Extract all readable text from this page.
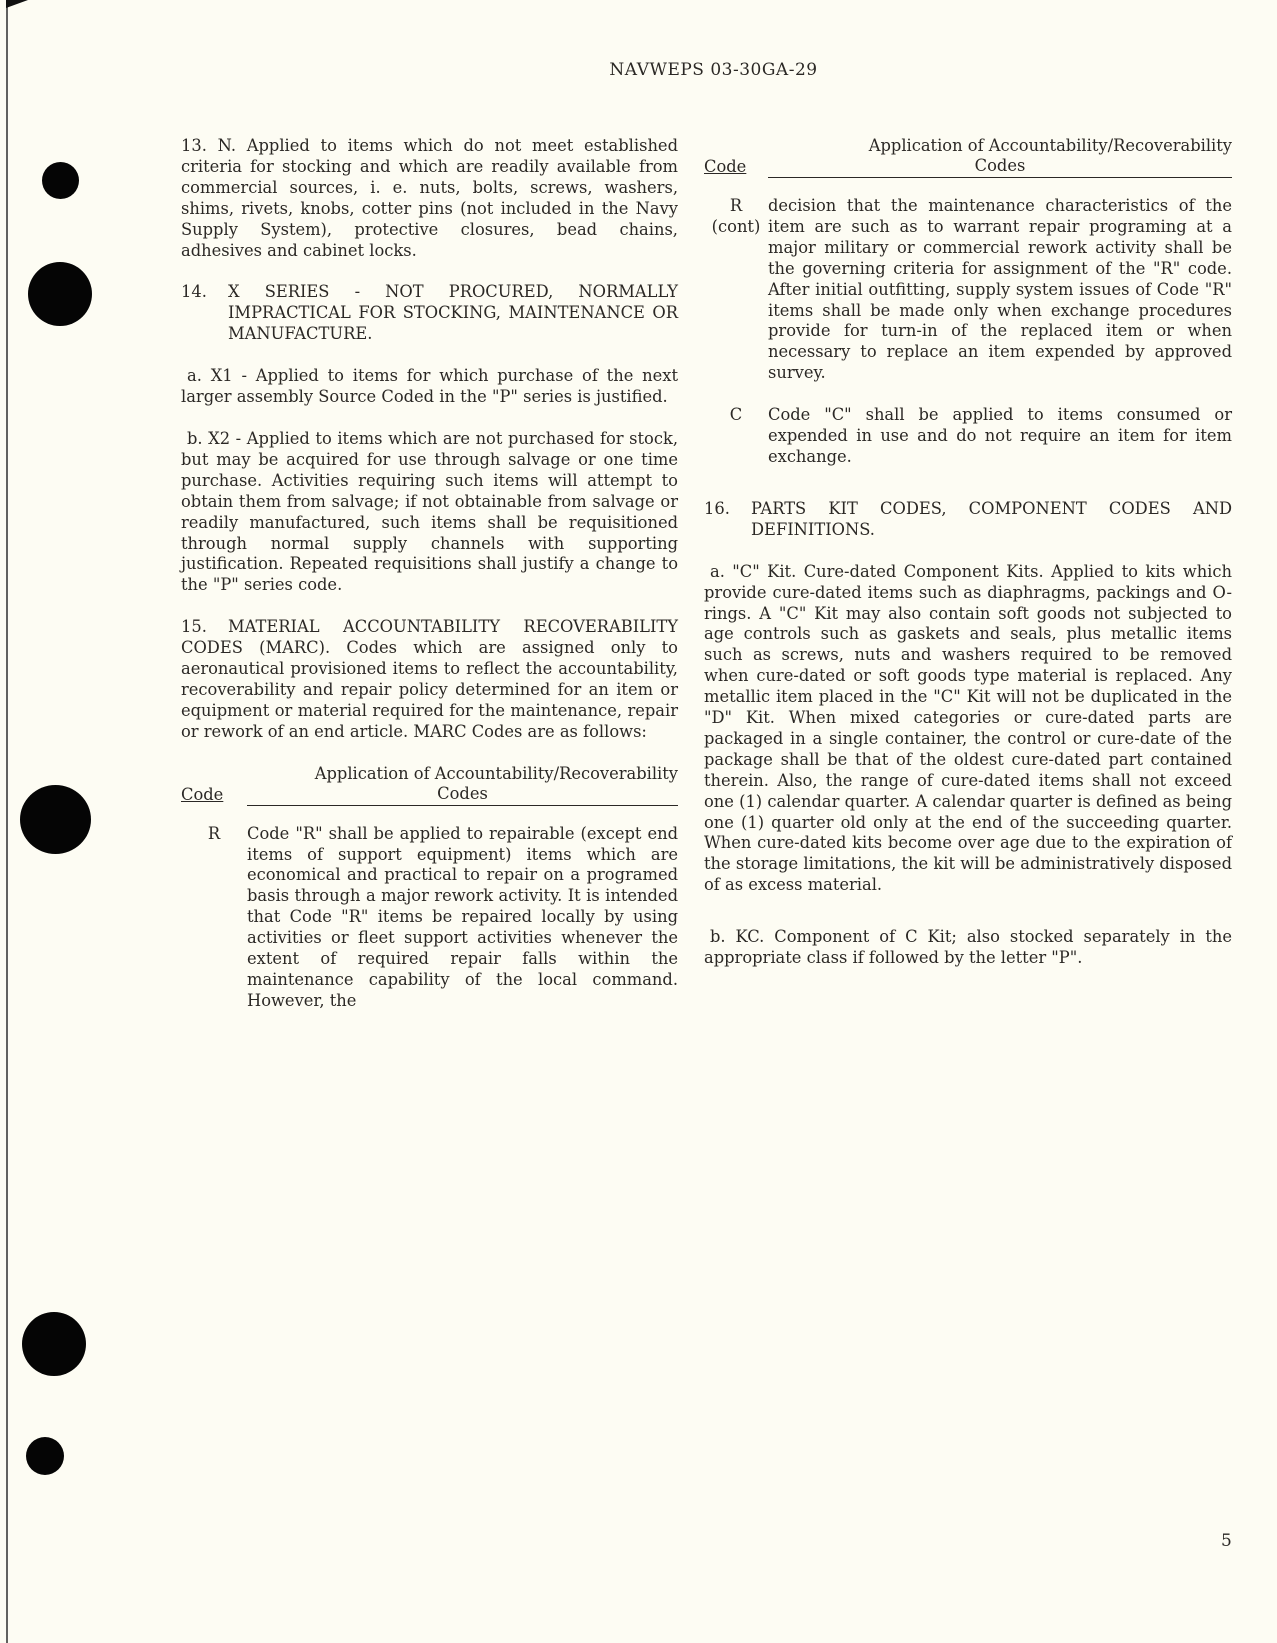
NAVWEPS 03-30GA-29

13. N. Applied to items which do not meet established criteria for stocking and which are readily available from commercial sources, i. e. nuts, bolts, screws, washers, shims, rivets, knobs, cotter pins (not included in the Navy Supply System), protective closures, bead chains, adhesives and cabinet locks.

14. X SERIES - NOT PROCURED, NORMALLY IMPRACTICAL FOR STOCKING, MAINTENANCE OR MANUFACTURE.

a. X1 - Applied to items for which purchase of the next larger assembly Source Coded in the "P" series is justified.

b. X2 - Applied to items which are not purchased for stock, but may be acquired for use through salvage or one time purchase. Activities requiring such items will attempt to obtain them from salvage; if not obtainable from salvage or readily manufactured, such items shall be requisitioned through normal supply channels with supporting justification. Repeated requisitions shall justify a change to the "P" series code.

15. MATERIAL ACCOUNTABILITY RECOVERABILITY CODES (MARC). Codes which are assigned only to aeronautical provisioned items to reflect the accountability, recoverability and repair policy determined for an item or equipment or material required for the maintenance, repair or rework of an end article. MARC Codes are as follows:

Code
Application of Accountability/Recoverability
Codes
R	Code "R" shall be applied to repairable (except end items of support equipment) items which are economical and practical to repair on a programed basis through a major rework activity. It is intended that Code "R" items be repaired locally by using activities or fleet support activities whenever the extent of required repair falls within the maintenance capability of the local command. However, the
Code
Application of Accountability/Recoverability
Codes
R
(cont)
decision that the maintenance characteristics of the item are such as to warrant repair programing at a major military or commercial rework activity shall be the governing criteria for assignment of the "R" code. After initial outfitting, supply system issues of Code "R" items shall be made only when exchange procedures provide for turn-in of the replaced item or when necessary to replace an item expended by approved survey.
C	Code "C" shall be applied to items consumed or expended in use and do not require an item for item exchange.

16. PARTS KIT CODES, COMPONENT CODES AND DEFINITIONS.

a. "C" Kit. Cure-dated Component Kits. Applied to kits which provide cure-dated items such as diaphragms, packings and O-rings. A "C" Kit may also contain soft goods not subjected to age controls such as gaskets and seals, plus metallic items such as screws, nuts and washers required to be removed when cure-dated or soft goods type material is replaced. Any metallic item placed in the "C" Kit will not be duplicated in the "D" Kit. When mixed categories or cure-dated parts are packaged in a single container, the control or cure-date of the package shall be that of the oldest cure-dated part contained therein. Also, the range of cure-dated items shall not exceed one (1) calendar quarter. A calendar quarter is defined as being one (1) quarter old only at the end of the succeeding quarter. When cure-dated kits become over age due to the expiration of the storage limitations, the kit will be administratively disposed of as excess material.

b. KC. Component of C Kit; also stocked separately in the appropriate class if followed by the letter "P".

5
